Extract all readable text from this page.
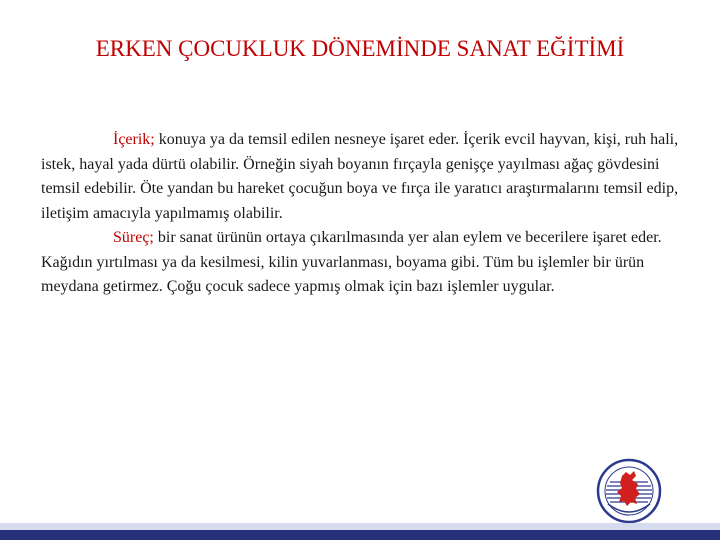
ERKEN ÇOCUKLUK DÖNEMİNDE SANAT EĞİTİMİ

İçerik; konuya ya da temsil edilen nesneye işaret eder. İçerik evcil hayvan, kişi, ruh hali, istek, hayal yada dürtü olabilir. Örneğin siyah boyanın fırçayla genişçe yayılması ağaç gövdesini temsil edebilir. Öte yandan bu hareket çocuğun boya ve fırça ile yaratıcı araştırmalarını temsil edip, iletişim amacıyla yapılmamış olabilir.

Süreç; bir sanat ürünün ortaya çıkarılmasında yer alan eylem ve becerilere işaret eder. Kağıdın yırtılması ya da kesilmesi, kilin yuvarlanması, boyama gibi. Tüm bu işlemler bir ürün meydana getirmez. Çoğu çocuk sadece yapmış olmak için bazı işlemler uygular.
